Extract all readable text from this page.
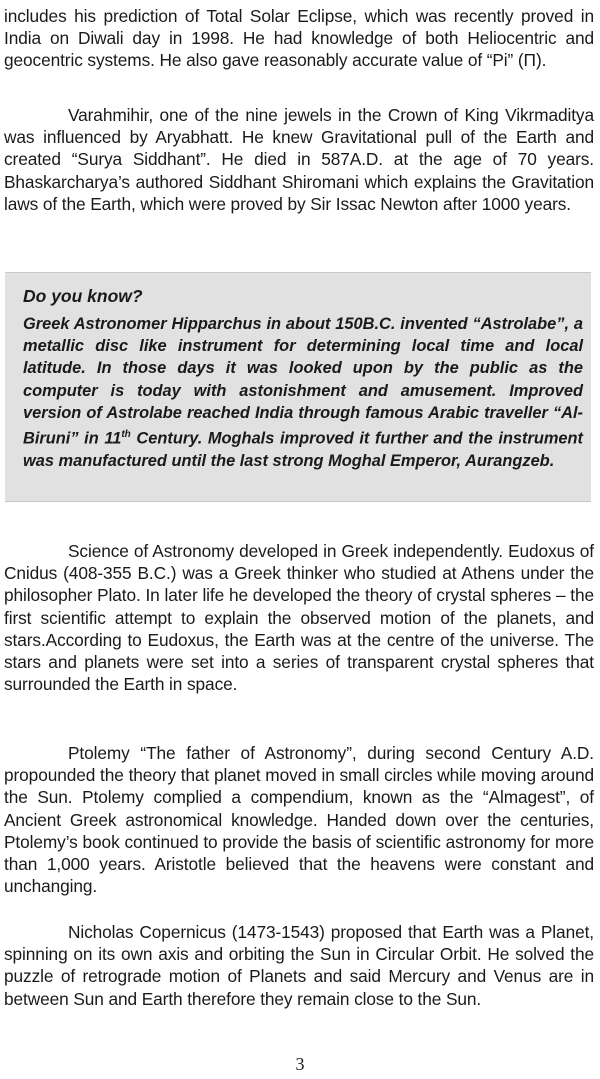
includes his prediction of Total Solar Eclipse, which was recently proved in India on Diwali day in 1998. He had knowledge of both Heliocentric and geocentric systems. He also gave reasonably accurate value of “Pi” (Π).

Varahmihir, one of the nine jewels in the Crown of King Vikrmaditya was influenced by Aryabhatt. He knew Gravitational pull of the Earth and created “Surya Siddhant”. He died in 587A.D. at the age of 70 years. Bhaskarcharya’s authored Siddhant Shiromani which explains the Gravitation laws of the Earth, which were proved by Sir Issac Newton after 1000 years.

Do you know?

Greek Astronomer Hipparchus in about 150B.C. invented “Astrolabe”, a metallic disc like instrument for determining local time and local latitude. In those days it was looked upon by the public as the computer is today with astonishment and amusement. Improved version of Astrolabe reached India through famous Arabic traveller “Al-Biruni” in 11th Century. Moghals improved it further and the instrument was manufactured until the last strong Moghal Emperor, Aurangzeb.

Science of Astronomy developed in Greek independently. Eudoxus of Cnidus (408-355 B.C.) was a Greek thinker who studied at Athens under the philosopher Plato. In later life he developed the theory of crystal spheres – the first scientific attempt to explain the observed motion of the planets, and stars.According to Eudoxus, the Earth was at the centre of the universe. The stars and planets were set into a series of transparent crystal spheres that surrounded the Earth in space.

Ptolemy “The father of Astronomy”, during second Century A.D. propounded the theory that planet moved in small circles while moving around the Sun. Ptolemy complied a compendium, known as the “Almagest”, of Ancient Greek astronomical knowledge. Handed down over the centuries, Ptolemy’s book continued to provide the basis of scientific astronomy for more than 1,000 years. Aristotle believed that the heavens were constant and unchanging.

Nicholas Copernicus (1473-1543) proposed that Earth was a Planet, spinning on its own axis and orbiting the Sun in Circular Orbit. He solved the puzzle of retrograde motion of Planets and said Mercury and Venus are in between Sun and Earth therefore they remain close to the Sun.

3
